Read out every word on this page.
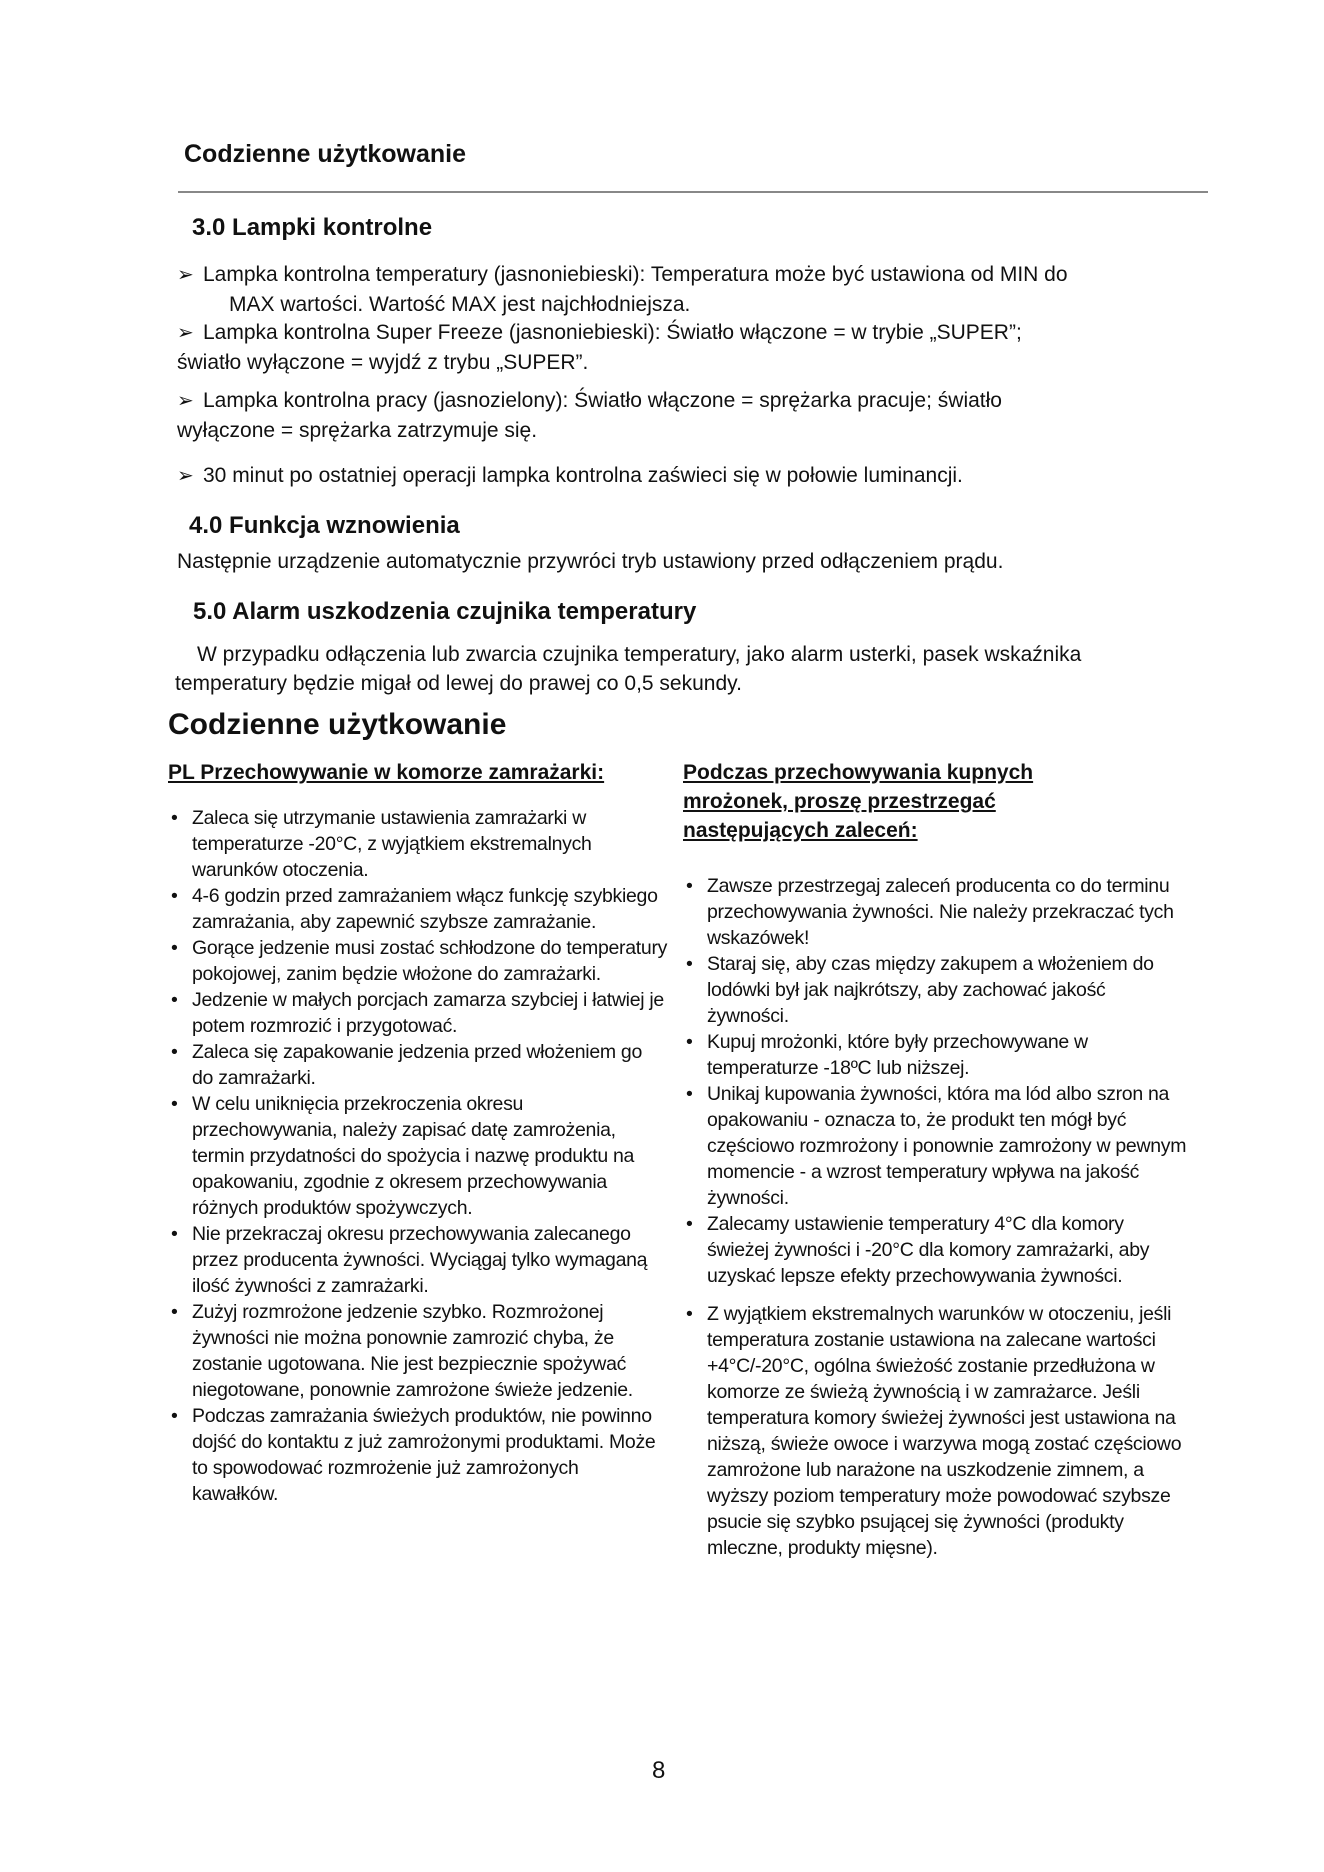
Codzienne użytkowanie
3.0 Lampki kontrolne
➢ Lampka kontrolna temperatury (jasnoniebieski): Temperatura może być ustawiona od MIN do
MAX wartości. Wartość MAX jest najchłodniejsza.
➢ Lampka kontrolna Super Freeze (jasnoniebieski): Światło włączone = w trybie „SUPER”;
światło wyłączone = wyjdź z trybu „SUPER”.
➢ Lampka kontrolna pracy (jasnozielony): Światło włączone = sprężarka pracuje; światło
wyłączone = sprężarka zatrzymuje się.
➢ 30 minut po ostatniej operacji lampka kontrolna zaświeci się w połowie luminancji.
4.0 Funkcja wznowienia
Następnie urządzenie automatycznie przywróci tryb ustawiony przed odłączeniem prądu.
5.0 Alarm uszkodzenia czujnika temperatury
W przypadku odłączenia lub zwarcia czujnika temperatury, jako alarm usterki, pasek wskaźnika
temperatury będzie migał od lewej do prawej co 0,5 sekundy.
Codzienne użytkowanie
PL Przechowywanie w komorze zamrażarki:
• Zaleca się utrzymanie ustawienia zamrażarki w temperaturze -20°C, z wyjątkiem ekstremalnych warunków otoczenia.
• 4-6 godzin przed zamrażaniem włącz funkcję szybkiego zamrażania, aby zapewnić szybsze zamrażanie.
• Gorące jedzenie musi zostać schłodzone do temperatury pokojowej, zanim będzie włożone do zamrażarki.
• Jedzenie w małych porcjach zamarza szybciej i łatwiej je potem rozmrozić i przygotować.
• Zaleca się zapakowanie jedzenia przed włożeniem go do zamrażarki.
• W celu uniknięcia przekroczenia okresu przechowywania, należy zapisać datę zamrożenia, termin przydatności do spożycia i nazwę produktu na opakowaniu, zgodnie z okresem przechowywania różnych produktów spożywczych.
• Nie przekraczaj okresu przechowywania zalecanego przez producenta żywności. Wyciągaj tylko wymaganą ilość żywności z zamrażarki.
• Zużyj rozmrożone jedzenie szybko. Rozmrożonej żywności nie można ponownie zamrozić chyba, że zostanie ugotowana. Nie jest bezpiecznie spożywać niegotowane, ponownie zamrożone świeże jedzenie.
• Podczas zamrażania świeżych produktów, nie powinno dojść do kontaktu z już zamrożonymi produktami. Może to spowodować rozmrożenie już zamrożonych kawałków.
Podczas przechowywania kupnych mrożonek, proszę przestrzegać następujących zaleceń:
• Zawsze przestrzegaj zaleceń producenta co do terminu przechowywania żywności. Nie należy przekraczać tych wskazówek!
• Staraj się, aby czas między zakupem a włożeniem do lodówki był jak najkrótszy, aby zachować jakość żywności.
• Kupuj mrożonki, które były przechowywane w temperaturze -18ºC lub niższej.
• Unikaj kupowania żywności, która ma lód albo szron na opakowaniu - oznacza to, że produkt ten mógł być częściowo rozmrożony i ponownie zamrożony w pewnym momencie - a wzrost temperatury wpływa na jakość żywności.
• Zalecamy ustawienie temperatury 4°C dla komory świeżej żywności i -20°C dla komory zamrażarki, aby uzyskać lepsze efekty przechowywania żywności.
• Z wyjątkiem ekstremalnych warunków w otoczeniu, jeśli temperatura zostanie ustawiona na zalecane wartości +4°C/-20°C, ogólna świeżość zostanie przedłużona w komorze ze świeżą żywnością i w zamrażarce. Jeśli temperatura komory świeżej żywności jest ustawiona na niższą, świeże owoce i warzywa mogą zostać częściowo zamrożone lub narażone na uszkodzenie zimnem, a wyższy poziom temperatury może powodować szybsze psucie się szybko psującej się żywności (produkty mleczne, produkty mięsne).
8
